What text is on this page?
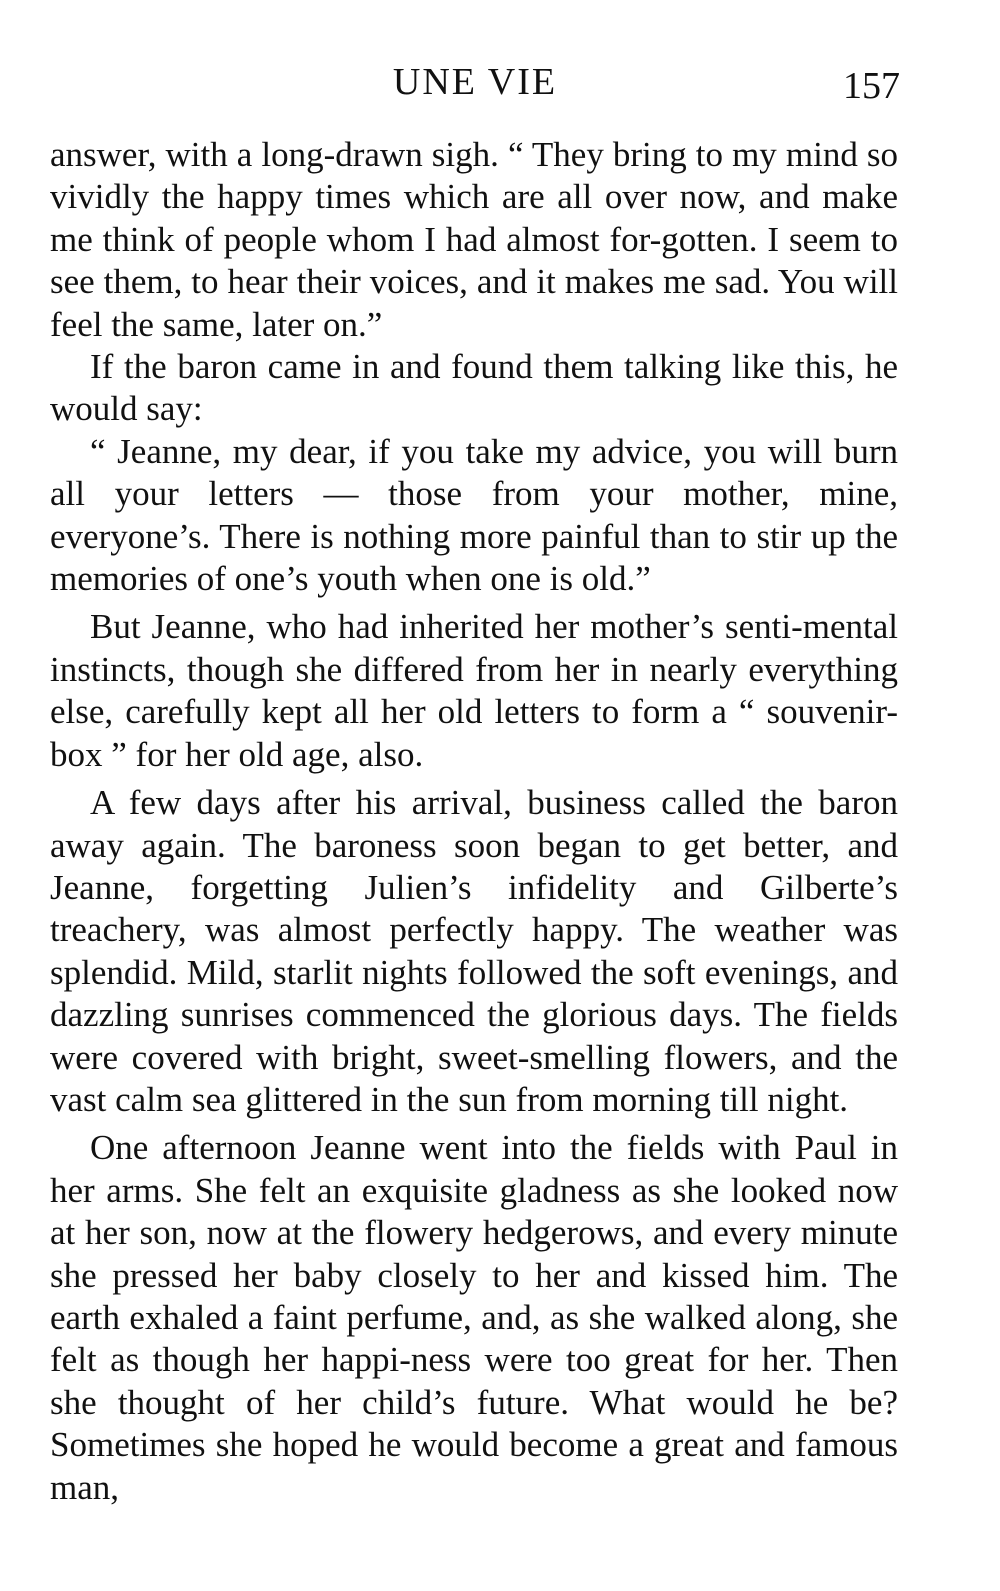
UNE VIE	157

answer, with a long-drawn sigh. “ They bring to my mind so vividly the happy times which are all over now, and make me think of people whom I had almost for-gotten. I seem to see them, to hear their voices, and it makes me sad. You will feel the same, later on.”

If the baron came in and found them talking like this, he would say:

“ Jeanne, my dear, if you take my advice, you will burn all your letters — those from your mother, mine, everyone’s. There is nothing more painful than to stir up the memories of one’s youth when one is old.”

But Jeanne, who had inherited her mother’s senti-mental instincts, though she differed from her in nearly everything else, carefully kept all her old letters to form a “ souvenir-box ” for her old age, also.

A few days after his arrival, business called the baron away again. The baroness soon began to get better, and Jeanne, forgetting Julien’s infidelity and Gilberte’s treachery, was almost perfectly happy. The weather was splendid. Mild, starlit nights followed the soft evenings, and dazzling sunrises commenced the glorious days. The fields were covered with bright, sweet-smelling flowers, and the vast calm sea glittered in the sun from morning till night.

One afternoon Jeanne went into the fields with Paul in her arms. She felt an exquisite gladness as she looked now at her son, now at the flowery hedgerows, and every minute she pressed her baby closely to her and kissed him. The earth exhaled a faint perfume, and, as she walked along, she felt as though her happi-ness were too great for her. Then she thought of her child’s future. What would he be? Sometimes she hoped he would become a great and famous man,
